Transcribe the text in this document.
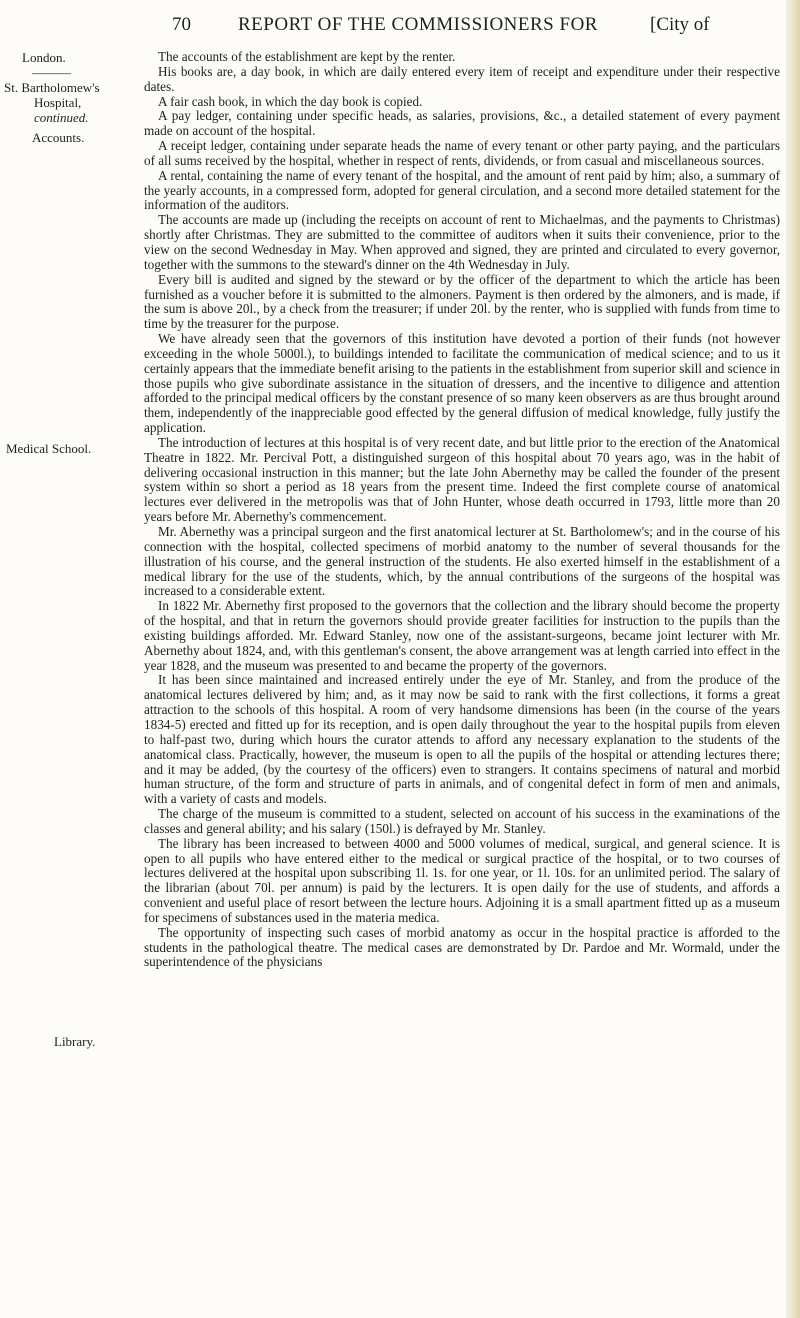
70 REPORT OF THE COMMISSIONERS FOR	[City of
London.
———
St. Bartholomew's
Hospital,
continued.
Accounts.
Medical School.
Library.

The accounts of the establishment are kept by the renter.

His books are, a day book, in which are daily entered every item of receipt and expenditure under their respective dates.

A fair cash book, in which the day book is copied.

A pay ledger, containing under specific heads, as salaries, provisions, &c., a detailed statement of every payment made on account of the hospital.

A receipt ledger, containing under separate heads the name of every tenant or other party paying, and the particulars of all sums received by the hospital, whether in respect of rents, dividends, or from casual and miscellaneous sources.

A rental, containing the name of every tenant of the hospital, and the amount of rent paid by him; also, a summary of the yearly accounts, in a compressed form, adopted for general circulation, and a second more detailed statement for the information of the auditors.

The accounts are made up (including the receipts on account of rent to Michaelmas, and the payments to Christmas) shortly after Christmas. They are submitted to the committee of auditors when it suits their convenience, prior to the view on the second Wednesday in May. When approved and signed, they are printed and circulated to every governor, together with the summons to the steward's dinner on the 4th Wednesday in July.

Every bill is audited and signed by the steward or by the officer of the department to which the article has been furnished as a voucher before it is submitted to the almoners. Payment is then ordered by the almoners, and is made, if the sum is above 20l., by a check from the treasurer; if under 20l. by the renter, who is supplied with funds from time to time by the treasurer for the purpose.

We have already seen that the governors of this institution have devoted a portion of their funds (not however exceeding in the whole 5000l.), to buildings intended to facilitate the communication of medical science; and to us it certainly appears that the immediate benefit arising to the patients in the establishment from superior skill and science in those pupils who give subordinate assistance in the situation of dressers, and the incentive to diligence and attention afforded to the principal medical officers by the constant presence of so many keen observers as are thus brought around them, independently of the inappreciable good effected by the general diffusion of medical knowledge, fully justify the application.

The introduction of lectures at this hospital is of very recent date, and but little prior to the erection of the Anatomical Theatre in 1822. Mr. Percival Pott, a distinguished surgeon of this hospital about 70 years ago, was in the habit of delivering occasional instruction in this manner; but the late John Abernethy may be called the founder of the present system within so short a period as 18 years from the present time. Indeed the first complete course of anatomical lectures ever delivered in the metropolis was that of John Hunter, whose death occurred in 1793, little more than 20 years before Mr. Abernethy's commencement.

Mr. Abernethy was a principal surgeon and the first anatomical lecturer at St. Bartholomew's; and in the course of his connection with the hospital, collected specimens of morbid anatomy to the number of several thousands for the illustration of his course, and the general instruction of the students. He also exerted himself in the establishment of a medical library for the use of the students, which, by the annual contributions of the surgeons of the hospital was increased to a considerable extent.

In 1822 Mr. Abernethy first proposed to the governors that the collection and the library should become the property of the hospital, and that in return the governors should provide greater facilities for instruction to the pupils than the existing buildings afforded. Mr. Edward Stanley, now one of the assistant-surgeons, became joint lecturer with Mr. Abernethy about 1824, and, with this gentleman's consent, the above arrangement was at length carried into effect in the year 1828, and the museum was presented to and became the property of the governors.

It has been since maintained and increased entirely under the eye of Mr. Stanley, and from the produce of the anatomical lectures delivered by him; and, as it may now be said to rank with the first collections, it forms a great attraction to the schools of this hospital. A room of very handsome dimensions has been (in the course of the years 1834-5) erected and fitted up for its reception, and is open daily throughout the year to the hospital pupils from eleven to half-past two, during which hours the curator attends to afford any necessary explanation to the students of the anatomical class. Practically, however, the museum is open to all the pupils of the hospital or attending lectures there; and it may be added, (by the courtesy of the officers) even to strangers. It contains specimens of natural and morbid human structure, of the form and structure of parts in animals, and of congenital defect in form of men and animals, with a variety of casts and models.

The charge of the museum is committed to a student, selected on account of his success in the examinations of the classes and general ability; and his salary (150l.) is defrayed by Mr. Stanley.

The library has been increased to between 4000 and 5000 volumes of medical, surgical, and general science. It is open to all pupils who have entered either to the medical or surgical practice of the hospital, or to two courses of lectures delivered at the hospital upon subscribing 1l. 1s. for one year, or 1l. 10s. for an unlimited period. The salary of the librarian (about 70l. per annum) is paid by the lecturers. It is open daily for the use of students, and affords a convenient and useful place of resort between the lecture hours. Adjoining it is a small apartment fitted up as a museum for specimens of substances used in the materia medica.

The opportunity of inspecting such cases of morbid anatomy as occur in the hospital practice is afforded to the students in the pathological theatre. The medical cases are demonstrated by Dr. Pardoe and Mr. Wormald, under the superintendence of the physicians
